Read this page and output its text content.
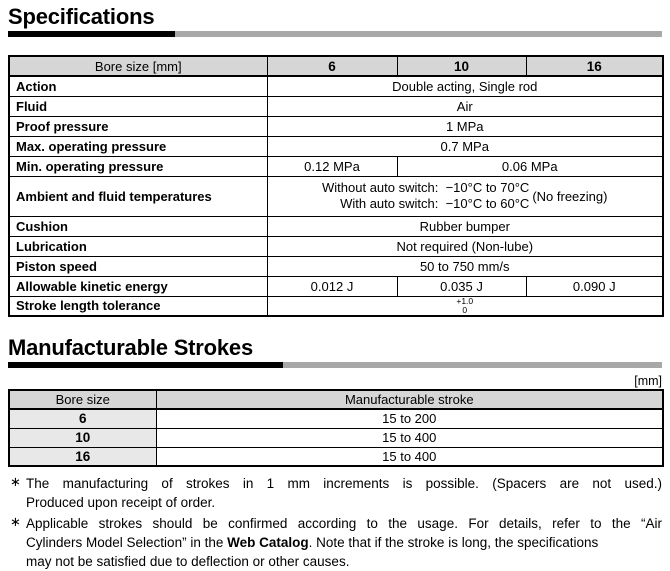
Specifications
Bore size [mm]	6	10	16
Action	Double acting, Single rod		
Fluid	Air		
Proof pressure	1 MPa		
Max. operating pressure	0.7 MPa		
Min. operating pressure	0.12 MPa	0.06 MPa	
Ambient and fluid temperatures	Without auto switch:  −10°C to 70°C
With auto switch:  −10°C to 60°C (No freezing)		

Cushion	Rubber bumper		
Lubrication	Not required (Non-lube)		
Piston speed	50 to 750 mm/s		
Allowable kinetic energy	0.012 J	0.035 J	0.090 J
Stroke length tolerance	+1.0
0		
Manufacturable Strokes
[mm]
Bore size	Manufacturable stroke
6	15 to 200
10	15 to 400
16	15 to 400
∗ The manufacturing of strokes in 1 mm increments is possible. (Spacers are not used.)
Produced upon receipt of order.
∗ Applicable strokes should be confirmed according to the usage. For details, refer to the “Air
Cylinders Model Selection” in the Web Catalog. Note that if the stroke is long, the specifications
may not be satisfied due to deflection or other causes.
